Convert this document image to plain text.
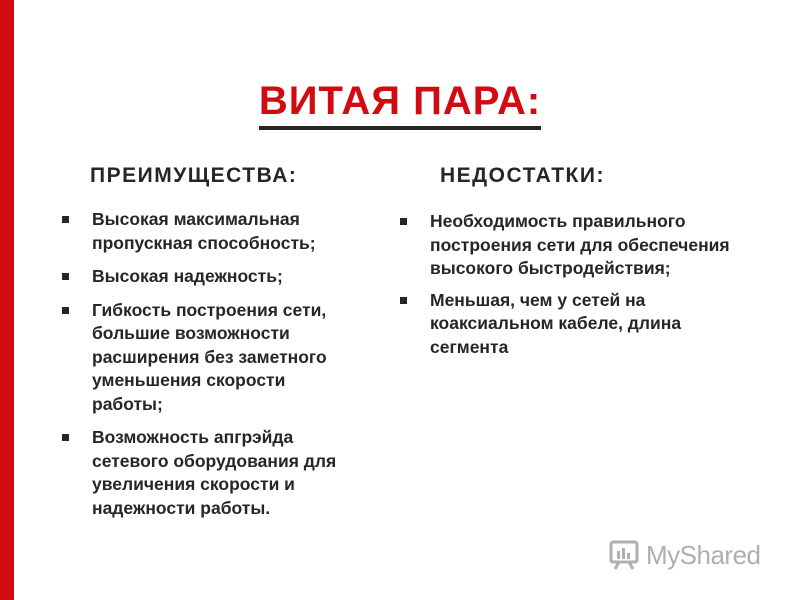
ВИТАЯ ПАРА:
ПРЕИМУЩЕСТВА:	НЕДОСТАТКИ:
Высокая максимальная пропускная способность;
Высокая надежность;
Гибкость построения сети, большие возможности расширения без заметного уменьшения скорости работы;
Возможность апгрэйда сетевого оборудования для увеличения скорости и надежности работы.
Необходимость правильного построения сети для обеспечения высокого быстродействия;
Меньшая, чем у сетей на коаксиальном кабеле, длина сегмента
MyShared
